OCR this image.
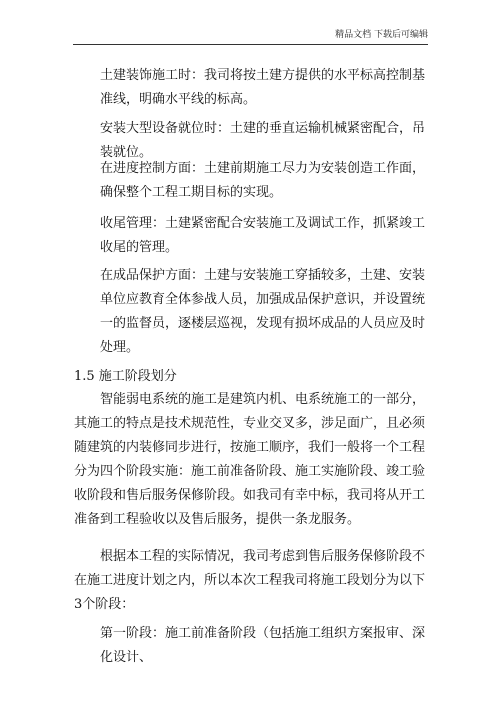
精品文档 下载后可编辑
土建装饰施工时：我司将按土建方提供的水平标高控制基准线，明确水平线的标高。
安装大型设备就位时：土建的垂直运输机械紧密配合，吊装就位。
在进度控制方面：土建前期施工尽力为安装创造工作面，确保整个工程工期目标的实现。
收尾管理：土建紧密配合安装施工及调试工作，抓紧竣工收尾的管理。
在成品保护方面：土建与安装施工穿插较多，土建、安装单位应教育全体参战人员，加强成品保护意识，并设置统一的监督员，逐楼层巡视，发现有损坏成品的人员应及时处理。
1.5 施工阶段划分
智能弱电系统的施工是建筑内机、电系统施工的一部分，其施工的特点是技术规范性，专业交叉多，涉足面广，且必须随建筑的内装修同步进行，按施工顺序，我们一般将一个工程分为四个阶段实施：施工前准备阶段、施工实施阶段、竣工验收阶段和售后服务保修阶段。如我司有幸中标，我司将从开工准备到工程验收以及售后服务，提供一条龙服务。
根据本工程的实际情况，我司考虑到售后服务保修阶段不在施工进度计划之内，所以本次工程我司将施工段划分为以下3个阶段：
第一阶段：施工前准备阶段（包括施工组织方案报审、深化设计、
